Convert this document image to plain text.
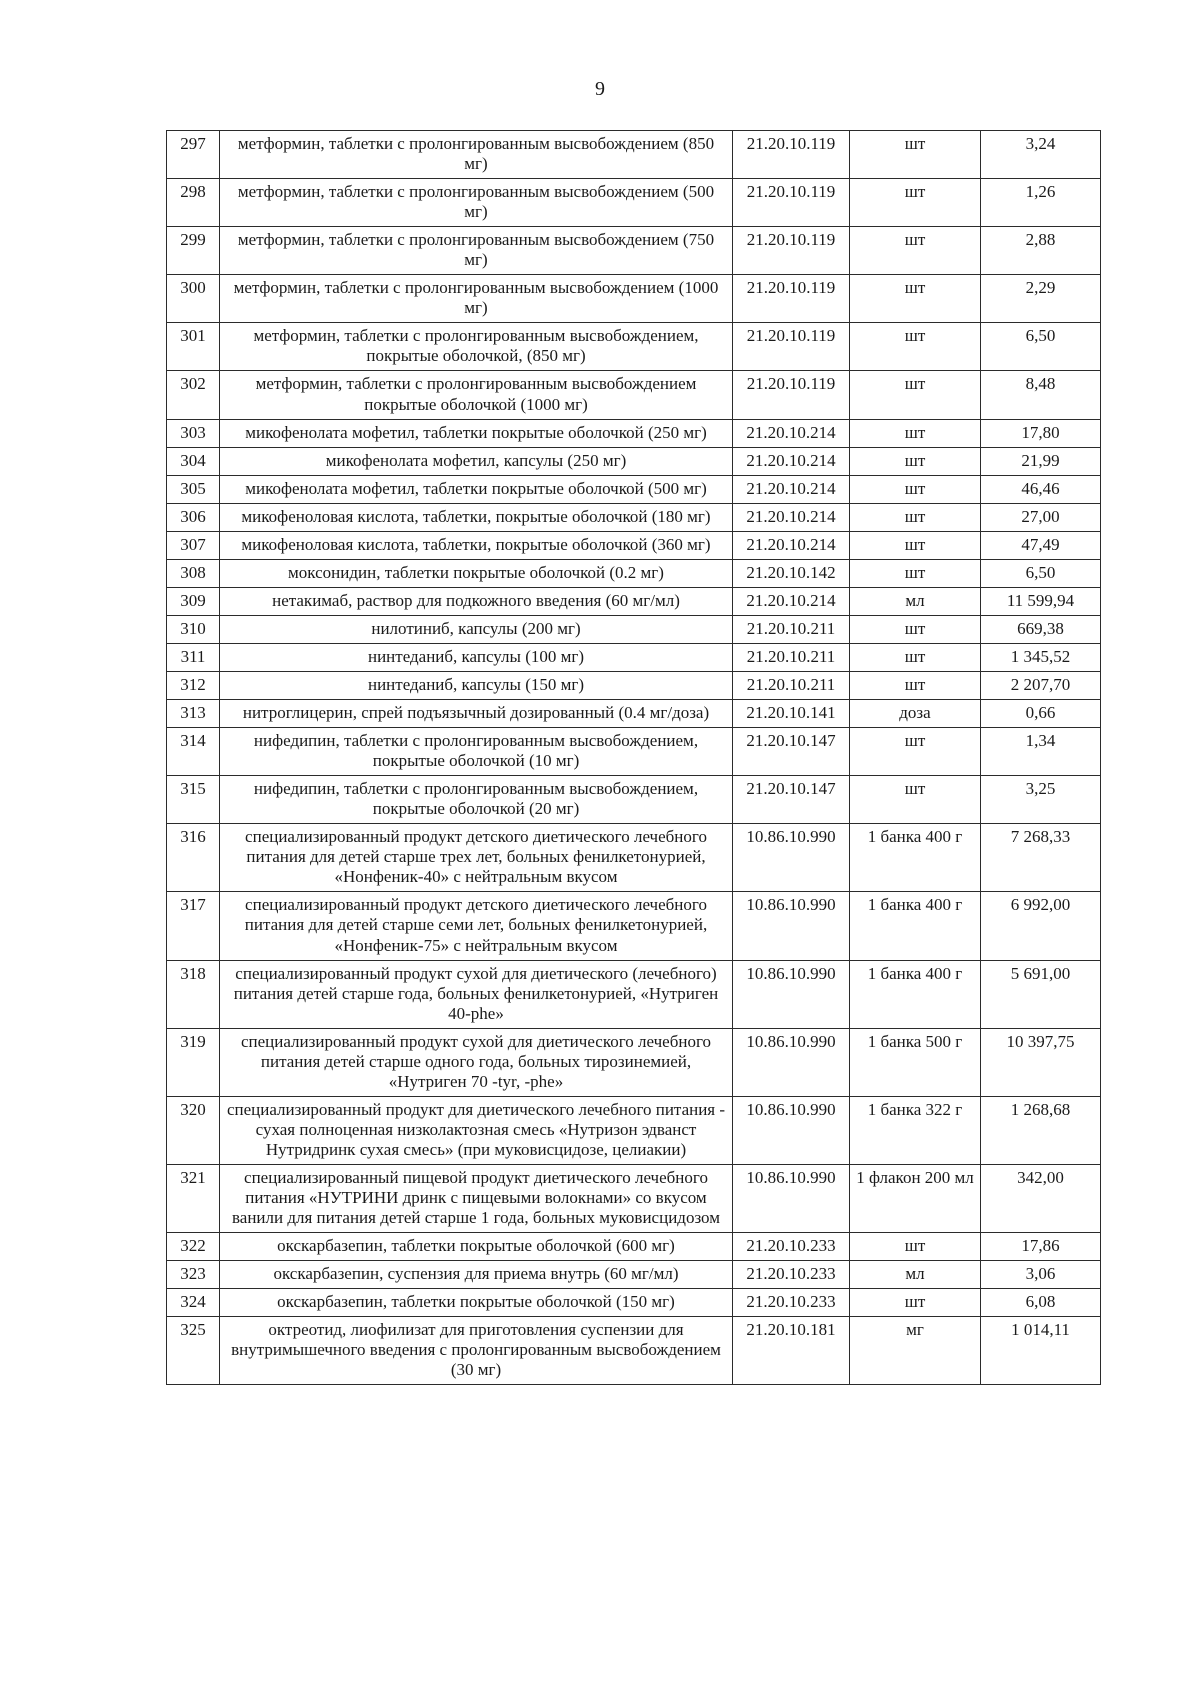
9
297	метформин, таблетки с пролонгированным высвобождением (850 мг)	21.20.10.119	шт	3,24
298	метформин, таблетки с пролонгированным высвобождением (500 мг)	21.20.10.119	шт	1,26
299	метформин, таблетки с пролонгированным высвобождением (750 мг)	21.20.10.119	шт	2,88
300	метформин, таблетки с пролонгированным высвобождением (1000 мг)	21.20.10.119	шт	2,29
301	метформин, таблетки с пролонгированным высвобождением, покрытые оболочкой, (850 мг)	21.20.10.119	шт	6,50
302	метформин, таблетки с пролонгированным высвобождением покрытые оболочкой (1000 мг)	21.20.10.119	шт	8,48
303	микофенолата мофетил, таблетки покрытые оболочкой (250 мг)	21.20.10.214	шт	17,80
304	микофенолата мофетил, капсулы (250 мг)	21.20.10.214	шт	21,99
305	микофенолата мофетил, таблетки покрытые оболочкой (500 мг)	21.20.10.214	шт	46,46
306	микофеноловая кислота, таблетки, покрытые оболочкой (180 мг)	21.20.10.214	шт	27,00
307	микофеноловая кислота, таблетки, покрытые оболочкой (360 мг)	21.20.10.214	шт	47,49
308	моксонидин, таблетки покрытые оболочкой (0.2 мг)	21.20.10.142	шт	6,50
309	нетакимаб, раствор для подкожного введения (60 мг/мл)	21.20.10.214	мл	11 599,94
310	нилотиниб, капсулы (200 мг)	21.20.10.211	шт	669,38
311	нинтеданиб, капсулы (100 мг)	21.20.10.211	шт	1 345,52
312	нинтеданиб, капсулы (150 мг)	21.20.10.211	шт	2 207,70
313	нитроглицерин, спрей подъязычный дозированный (0.4 мг/доза)	21.20.10.141	доза	0,66
314	нифедипин, таблетки с пролонгированным высвобождением, покрытые оболочкой (10 мг)	21.20.10.147	шт	1,34
315	нифедипин, таблетки с пролонгированным высвобождением, покрытые оболочкой (20 мг)	21.20.10.147	шт	3,25
316	специализированный продукт детского диетического лечебного питания для детей старше трех лет, больных фенилкетонурией, «Нонфеник-40» с нейтральным вкусом	10.86.10.990	1 банка 400 г	7 268,33
317	специализированный продукт детского диетического лечебного питания для детей старше семи лет, больных фенилкетонурией, «Нонфеник-75» с нейтральным вкусом	10.86.10.990	1 банка 400 г	6 992,00
318	специализированный продукт сухой для диетического (лечебного) питания детей старше года, больных фенилкетонурией, «Нутриген 40-phe»	10.86.10.990	1 банка 400 г	5 691,00
319	специализированный продукт сухой для диетического лечебного питания детей старше одного года, больных тирозинемией, «Нутриген 70 -tyr, -phe»	10.86.10.990	1 банка 500 г	10 397,75
320	специализированный продукт для диетического лечебного питания - сухая полноценная низколактозная смесь «Нутризон эдванст Нутридринк сухая смесь» (при муковисцидозе, целиакии)	10.86.10.990	1 банка 322 г	1 268,68
321	специализированный пищевой продукт диетического лечебного питания «НУТРИНИ дринк с пищевыми волокнами» со вкусом ванили для питания детей старше 1 года, больных муковисцидозом	10.86.10.990	1 флакон 200 мл	342,00
322	окскарбазепин, таблетки покрытые оболочкой (600 мг)	21.20.10.233	шт	17,86
323	окскарбазепин, суспензия для приема внутрь (60 мг/мл)	21.20.10.233	мл	3,06
324	окскарбазепин, таблетки покрытые оболочкой (150 мг)	21.20.10.233	шт	6,08
325	октреотид, лиофилизат для приготовления суспензии для внутримышечного введения с пролонгированным высвобождением (30 мг)	21.20.10.181	мг	1 014,11
